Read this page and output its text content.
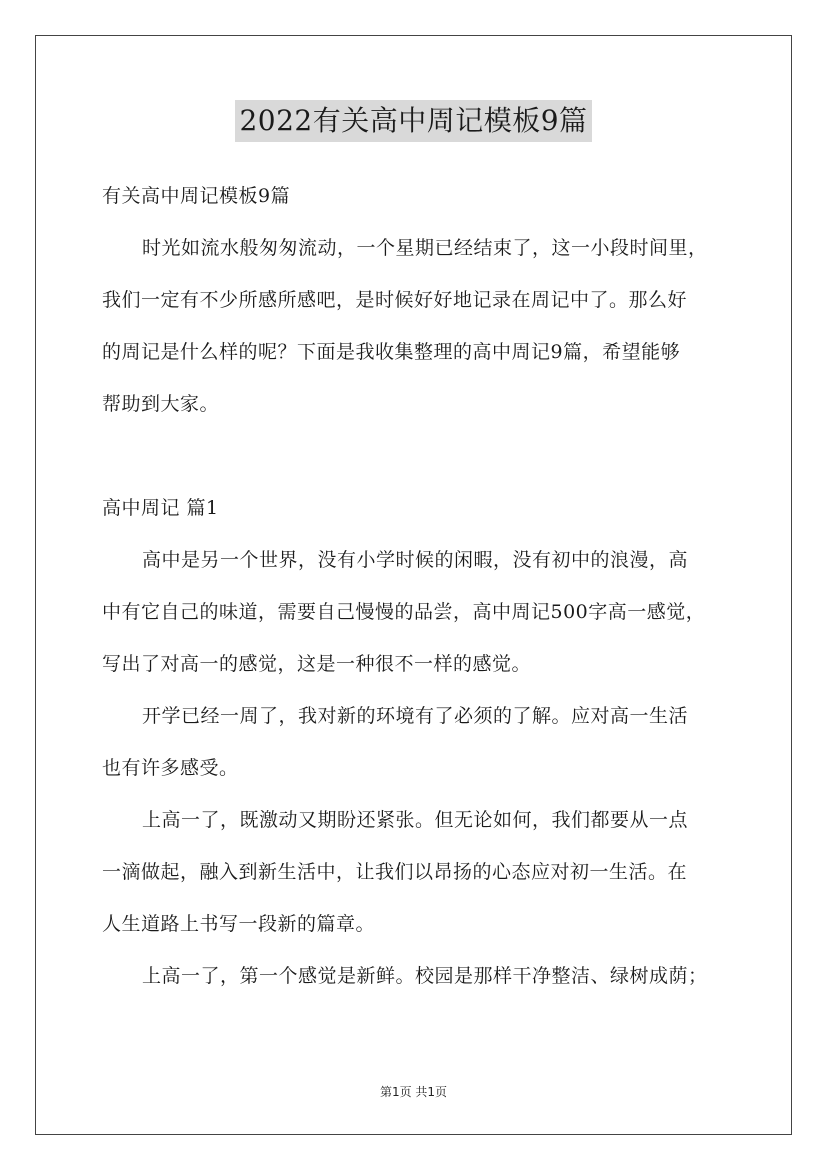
2022有关高中周记模板9篇
有关高中周记模板9篇
时光如流水般匆匆流动，一个星期已经结束了，这一小段时间里，
我们一定有不少所感所感吧，是时候好好地记录在周记中了。那么好
的周记是什么样的呢？下面是我收集整理的高中周记9篇，希望能够
帮助到大家。
高中周记 篇1
高中是另一个世界，没有小学时候的闲暇，没有初中的浪漫，高
中有它自己的味道，需要自己慢慢的品尝，高中周记500字高一感觉，
写出了对高一的感觉，这是一种很不一样的感觉。
开学已经一周了，我对新的环境有了必须的了解。应对高一生活
也有许多感受。
上高一了，既激动又期盼还紧张。但无论如何，我们都要从一点
一滴做起，融入到新生活中，让我们以昂扬的心态应对初一生活。在
人生道路上书写一段新的篇章。
上高一了，第一个感觉是新鲜。校园是那样干净整洁、绿树成荫；
第1页 共1页
